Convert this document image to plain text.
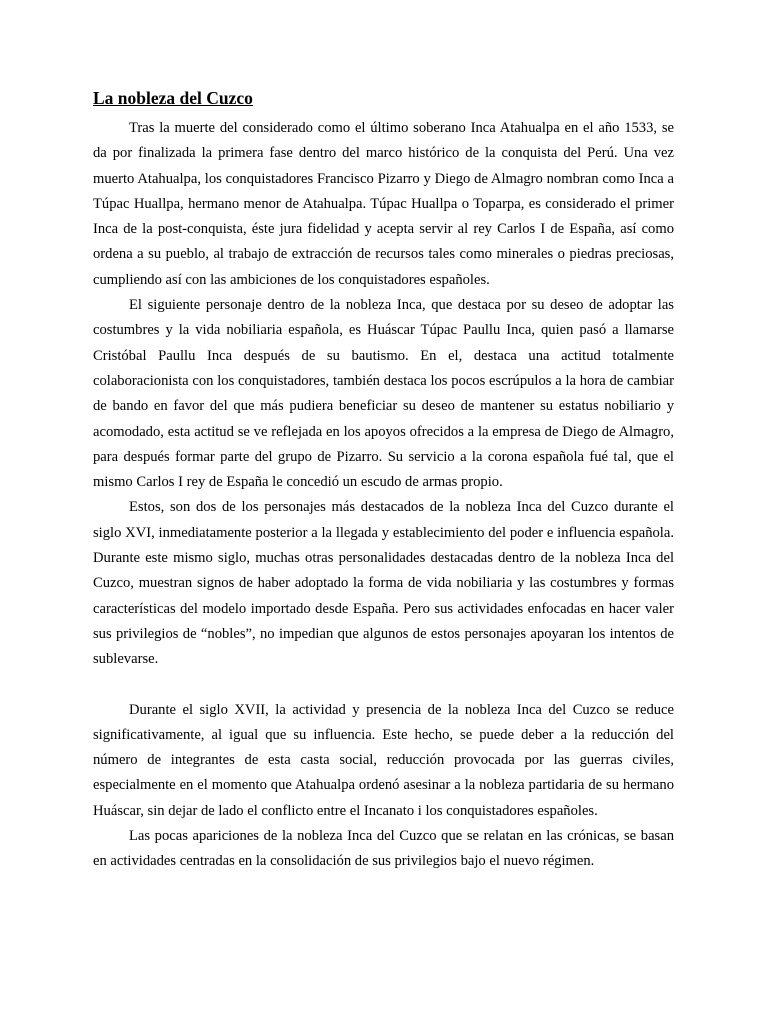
La nobleza del Cuzco

Tras la muerte del considerado como el último soberano Inca Atahualpa en el año 1533, se da por finalizada la primera fase dentro del marco histórico de la conquista del Perú. Una vez muerto Atahualpa, los conquistadores Francisco Pizarro y Diego de Almagro nombran como Inca a Túpac Huallpa, hermano menor de Atahualpa. Túpac Huallpa o Toparpa, es considerado el primer Inca de la post-conquista, éste jura fidelidad y acepta servir al rey Carlos I de España, así como ordena a su pueblo, al trabajo de extracción de recursos tales como minerales o piedras preciosas, cumpliendo así con las ambiciones de los conquistadores españoles.

El siguiente personaje dentro de la nobleza Inca, que destaca por su deseo de adoptar las costumbres y la vida nobiliaria española, es Huáscar Túpac Paullu Inca, quien pasó a llamarse Cristóbal Paullu Inca después de su bautismo. En el, destaca una actitud totalmente colaboracionista con los conquistadores, también destaca los pocos escrúpulos a la hora de cambiar de bando en favor del que más pudiera beneficiar su deseo de mantener su estatus nobiliario y acomodado, esta actitud se ve reflejada en los apoyos ofrecidos a la empresa de Diego de Almagro, para después formar parte del grupo de Pizarro. Su servicio a la corona española fué tal, que el mismo Carlos I rey de España le concedió un escudo de armas propio.

Estos, son dos de los personajes más destacados de la nobleza Inca del Cuzco durante el siglo XVI, inmediatamente posterior a la llegada y establecimiento del poder e influencia española. Durante este mismo siglo, muchas otras personalidades destacadas dentro de la nobleza Inca del Cuzco, muestran signos de haber adoptado la forma de vida nobiliaria y las costumbres y formas características del modelo importado desde España. Pero sus actividades enfocadas en hacer valer sus privilegios de “nobles”, no impedian que algunos de estos personajes apoyaran los intentos de sublevarse.

Durante el siglo XVII, la actividad y presencia de la nobleza Inca del Cuzco se reduce significativamente, al igual que su influencia. Este hecho, se puede deber a la reducción del número de integrantes de esta casta social, reducción provocada por las guerras civiles, especialmente en el momento que Atahualpa ordenó asesinar a la nobleza partidaria de su hermano Huáscar, sin dejar de lado el conflicto entre el Incanato i los conquistadores españoles.

Las pocas apariciones de la nobleza Inca del Cuzco que se relatan en las crónicas, se basan en actividades centradas en la consolidación de sus privilegios bajo el nuevo régimen.
